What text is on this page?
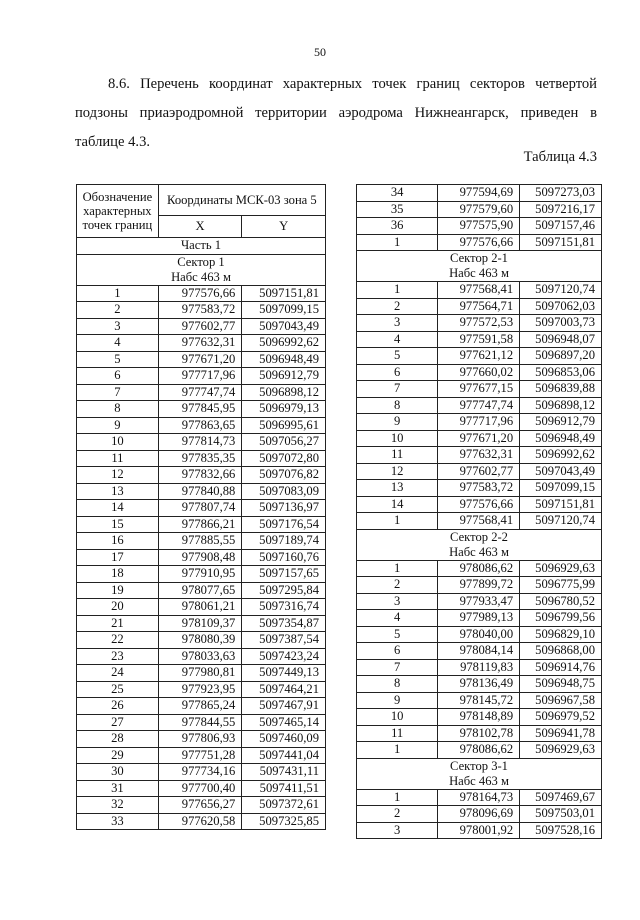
50

8.6. Перечень координат характерных точек границ секторов четвертой подзоны приаэродромной территории аэродрома Нижнеангарск, приведен в таблице 4.3.

Таблица 4.3
Обозначение характерных точек границ	Координаты МСК-03 зона 5	
	X	Y
Часть 1		
Сектор 1
Набс 463 м		
1	977576,66	5097151,81
2	977583,72	5097099,15
3	977602,77	5097043,49
4	977632,31	5096992,62
5	977671,20	5096948,49
6	977717,96	5096912,79
7	977747,74	5096898,12
8	977845,95	5096979,13
9	977863,65	5096995,61
10	977814,73	5097056,27
11	977835,35	5097072,80
12	977832,66	5097076,82
13	977840,88	5097083,09
14	977807,74	5097136,97
15	977866,21	5097176,54
16	977885,55	5097189,74
17	977908,48	5097160,76
18	977910,95	5097157,65
19	978077,65	5097295,84
20	978061,21	5097316,74
21	978109,37	5097354,87
22	978080,39	5097387,54
23	978033,63	5097423,24
24	977980,81	5097449,13
25	977923,95	5097464,21
26	977865,24	5097467,91
27	977844,55	5097465,14
28	977806,93	5097460,09
29	977751,28	5097441,04
30	977734,16	5097431,11
31	977700,40	5097411,51
32	977656,27	5097372,61
33	977620,58	5097325,85
34	977594,69	5097273,03
35	977579,60	5097216,17
36	977575,90	5097157,46
1	977576,66	5097151,81
Сектор 2-1
Набс 463 м		
1	977568,41	5097120,74
2	977564,71	5097062,03
3	977572,53	5097003,73
4	977591,58	5096948,07
5	977621,12	5096897,20
6	977660,02	5096853,06
7	977677,15	5096839,88
8	977747,74	5096898,12
9	977717,96	5096912,79
10	977671,20	5096948,49
11	977632,31	5096992,62
12	977602,77	5097043,49
13	977583,72	5097099,15
14	977576,66	5097151,81
1	977568,41	5097120,74
Сектор 2-2
Набс 463 м		
1	978086,62	5096929,63
2	977899,72	5096775,99
3	977933,47	5096780,52
4	977989,13	5096799,56
5	978040,00	5096829,10
6	978084,14	5096868,00
7	978119,83	5096914,76
8	978136,49	5096948,75
9	978145,72	5096967,58
10	978148,89	5096979,52
11	978102,78	5096941,78
1	978086,62	5096929,63
Сектор 3-1
Набс 463 м		
1	978164,73	5097469,67
2	978096,69	5097503,01
3	978001,92	5097528,16
